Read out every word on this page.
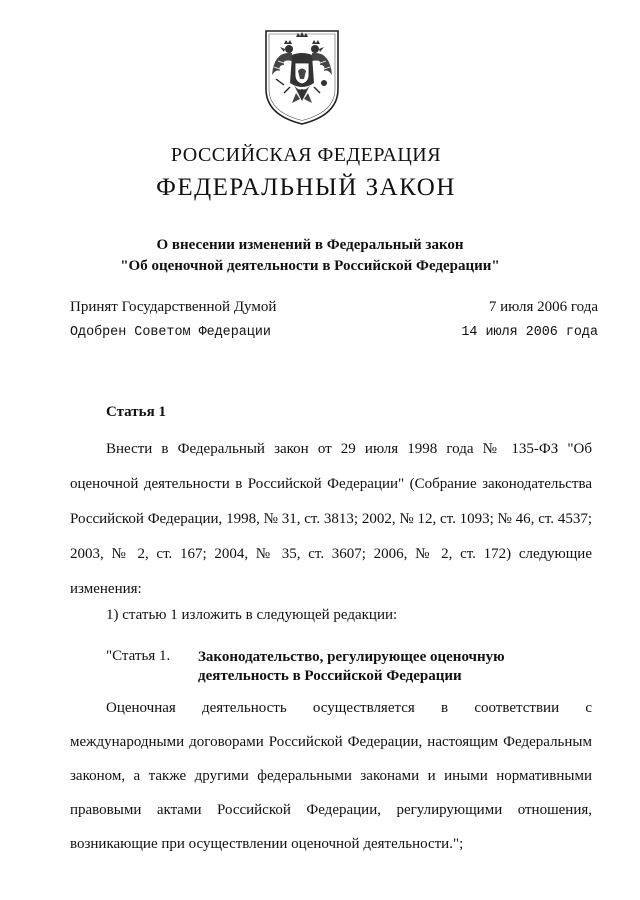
РОССИЙСКАЯ ФЕДЕРАЦИЯ
ФЕДЕРАЛЬНЫЙ ЗАКОН
О внесении изменений в Федеральный закон
"Об оценочной деятельности в Российской Федерации"
Принят Государственной Думой	7 июля 2006 года
Одобрен Советом Федерации	14 июля 2006 года
Статья 1
Внести в Федеральный закон от 29 июля 1998 года № 135-ФЗ "Об оценочной деятельности в Российской Федерации" (Собрание законодательства Российской Федерации, 1998, № 31, ст. 3813; 2002, № 12, ст. 1093; № 46, ст. 4537; 2003, № 2, ст. 167; 2004, № 35, ст. 3607; 2006, № 2, ст. 172) следующие изменения:
1) статью 1 изложить в следующей редакции:
"Статья 1. Законодательство, регулирующее оценочную деятельность в Российской Федерации
Оценочная деятельность осуществляется в соответствии с международными договорами Российской Федерации, настоящим Федеральным законом, а также другими федеральными законами и иными нормативными правовыми актами Российской Федерации, регулирующими отношения, возникающие при осуществлении оценочной деятельности.";
